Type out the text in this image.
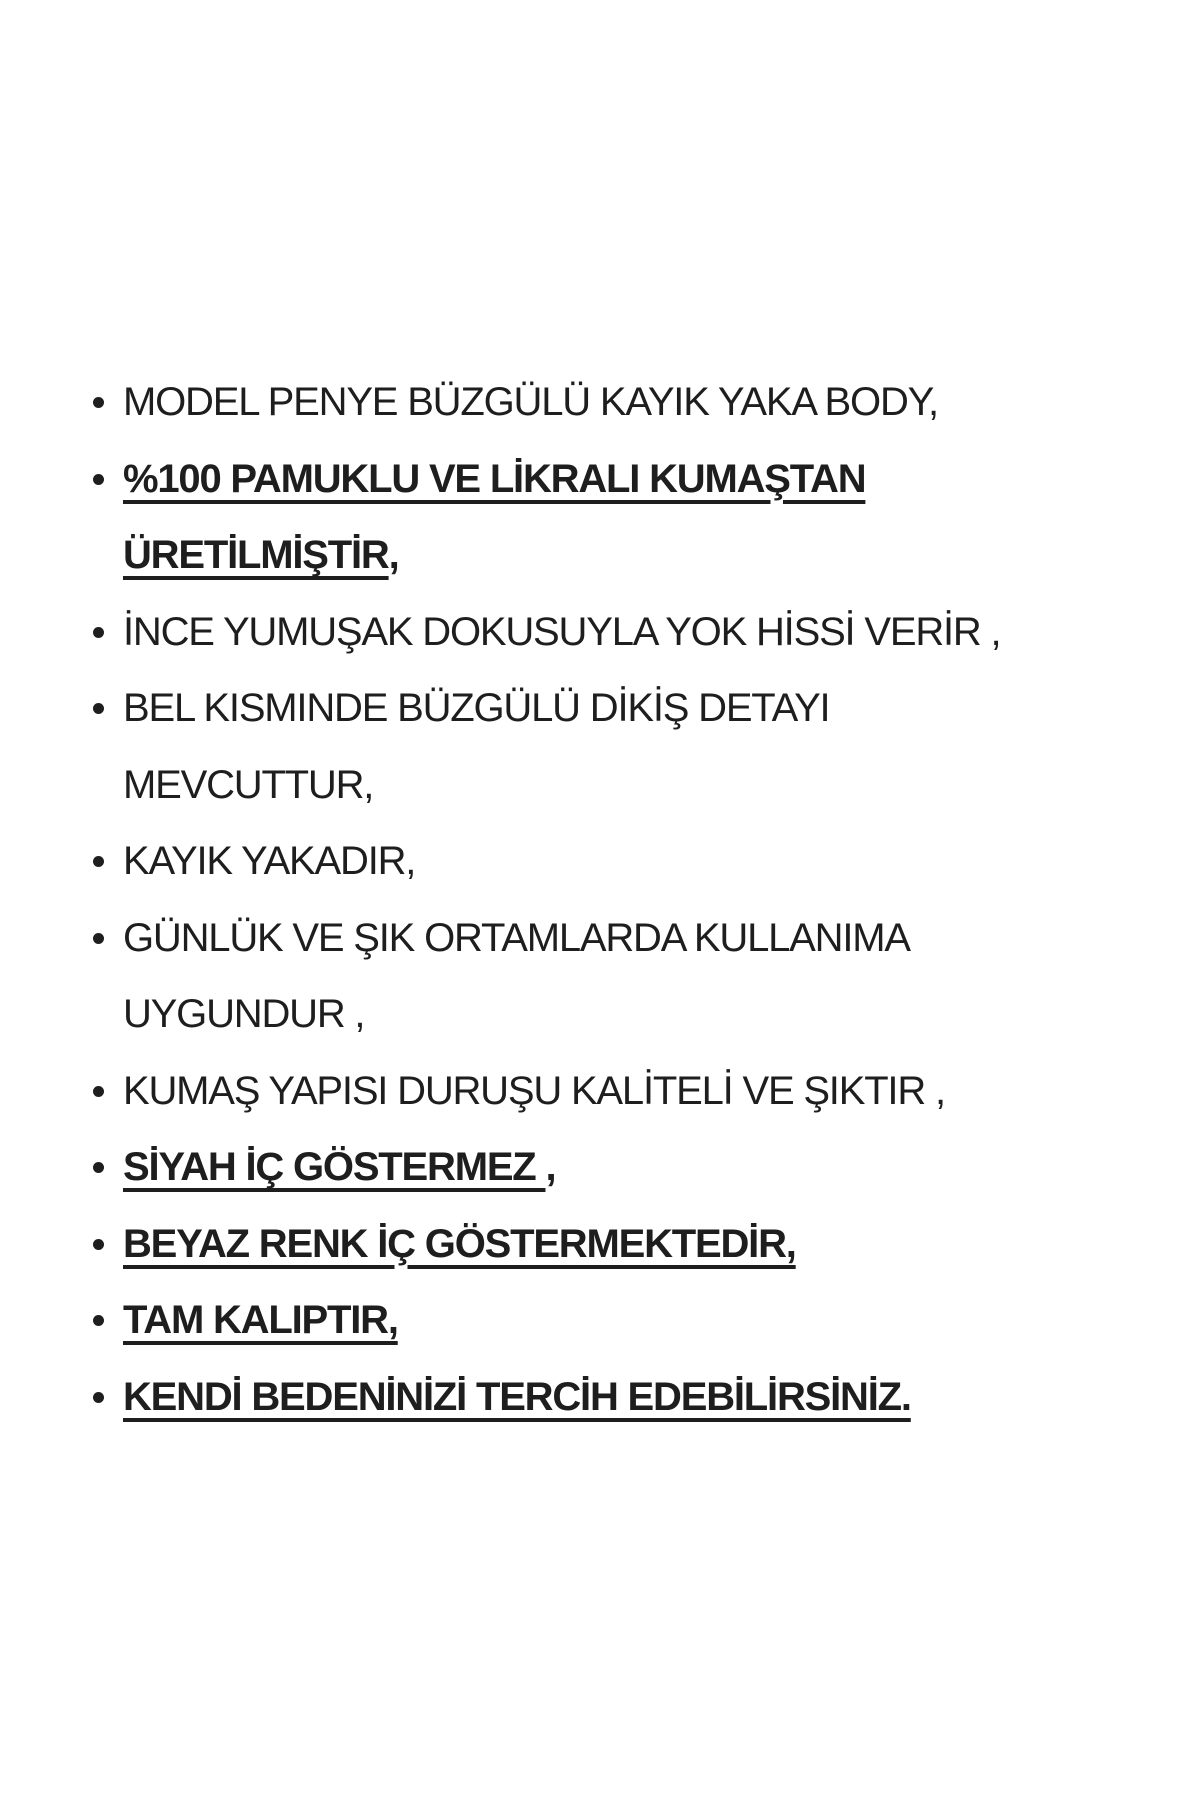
MODEL PENYE BÜZGÜLÜ KAYIK YAKA BODY,
%100 PAMUKLU VE LİKRALI KUMAŞTAN
ÜRETİLMİŞTİR,
İNCE YUMUŞAK DOKUSUYLA YOK HİSSİ VERİR ,
BEL KISMINDE BÜZGÜLÜ DİKİŞ DETAYI
MEVCUTTUR,
KAYIK YAKADIR,
GÜNLÜK VE ŞIK ORTAMLARDA KULLANIMA
UYGUNDUR ,
KUMAŞ YAPISI DURUŞU KALİTELİ VE ŞIKTIR ,
SİYAH İÇ GÖSTERMEZ ,
BEYAZ RENK İÇ GÖSTERMEKTEDİR,
TAM KALIPTIR,
KENDİ BEDENİNİZİ TERCİH EDEBİLİRSİNİZ.
